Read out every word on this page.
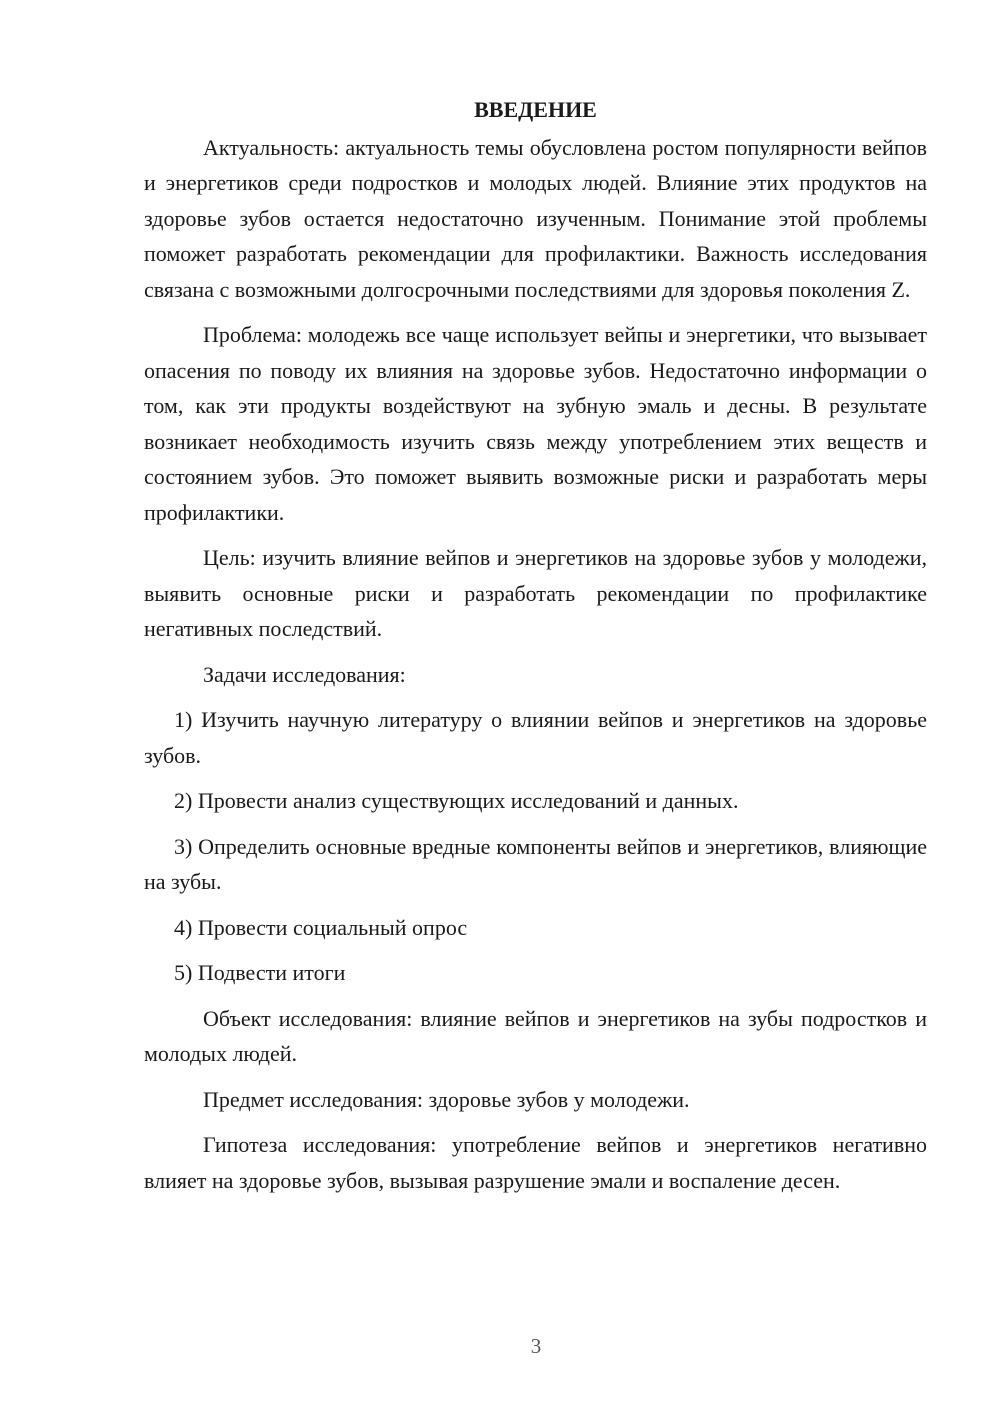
ВВЕДЕНИЕ

Актуальность: актуальность темы обусловлена ростом популярности вейпов и энергетиков среди подростков и молодых людей. Влияние этих продуктов на здоровье зубов остается недостаточно изученным. Понимание этой проблемы поможет разработать рекомендации для профилактики. Важность исследования связана с возможными долгосрочными последствиями для здоровья поколения Z.

Проблема: молодежь все чаще использует вейпы и энергетики, что вызывает опасения по поводу их влияния на здоровье зубов. Недостаточно информации о том, как эти продукты воздействуют на зубную эмаль и десны. В результате возникает необходимость изучить связь между употреблением этих веществ и состоянием зубов. Это поможет выявить возможные риски и разработать меры профилактики.

Цель: изучить влияние вейпов и энергетиков на здоровье зубов у молодежи, выявить основные риски и разработать рекомендации по профилактике негативных последствий.

Задачи исследования:

1) Изучить научную литературу о влиянии вейпов и энергетиков на здоровье зубов.

2) Провести анализ существующих исследований и данных.

3) Определить основные вредные компоненты вейпов и энергетиков, влияющие на зубы.

4) Провести социальный опрос

5) Подвести итоги

Объект исследования: влияние вейпов и энергетиков на зубы подростков и молодых людей.

Предмет исследования: здоровье зубов у молодежи.

Гипотеза исследования: употребление вейпов и энергетиков негативно влияет на здоровье зубов, вызывая разрушение эмали и воспаление десен.

3
